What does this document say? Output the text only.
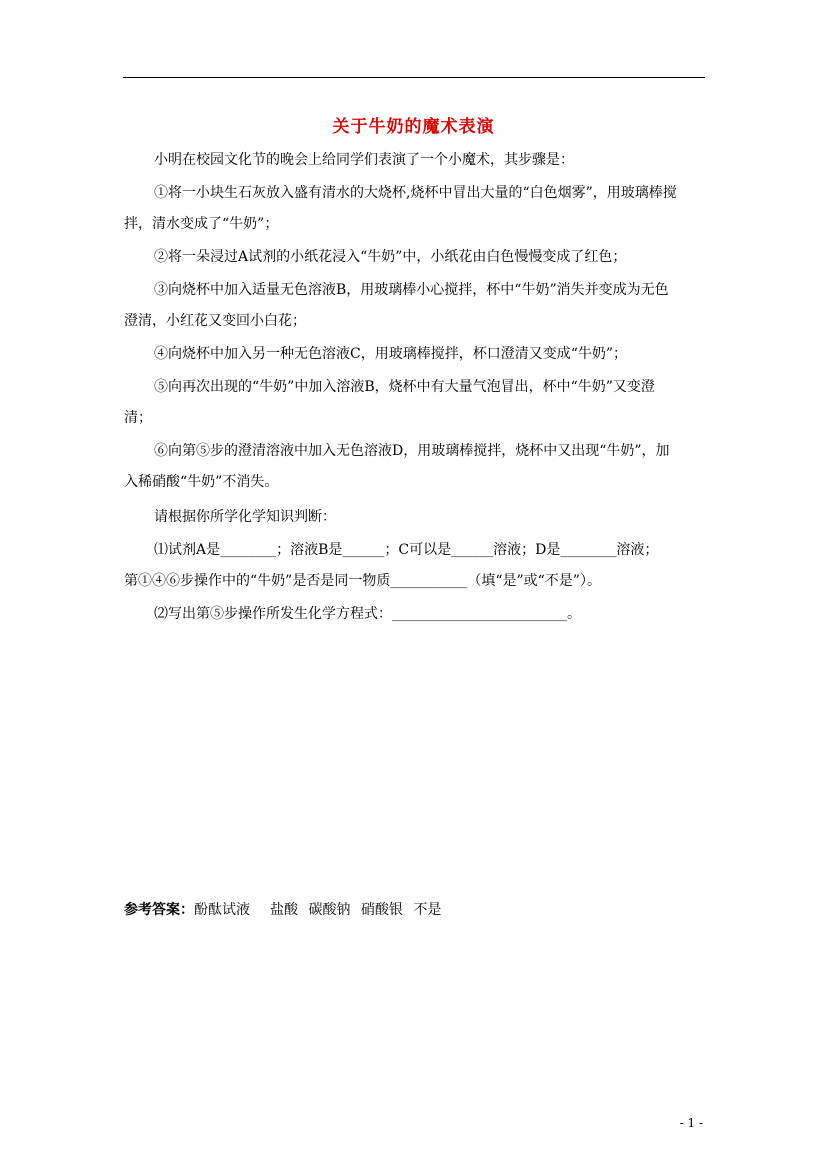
关于牛奶的魔术表演
小明在校园文化节的晚会上给同学们表演了一个小魔术，其步骤是：
①将一小块生石灰放入盛有清水的大烧杯,烧杯中冒出大量的“白色烟雾”，用玻璃棒搅
拌，清水变成了“牛奶”；
②将一朵浸过A试剂的小纸花浸入“牛奶”中，小纸花由白色慢慢变成了红色；
③向烧杯中加入适量无色溶液B，用玻璃棒小心搅拌，杯中“牛奶”消失并变成为无色
澄清，小红花又变回小白花；
④向烧杯中加入另一种无色溶液C，用玻璃棒搅拌，杯口澄清又变成“牛奶”；
⑤向再次出现的“牛奶”中加入溶液B，烧杯中有大量气泡冒出，杯中“牛奶”又变澄
清；
⑥向第⑤步的澄清溶液中加入无色溶液D，用玻璃棒搅拌，烧杯中又出现“牛奶”，加
入稀硝酸“牛奶”不消失。
请根据你所学化学知识判断：
⑴试剂A是________；溶液B是______；C可以是______溶液；D是________溶液；
第①④⑥步操作中的“牛奶”是否是同一物质___________（填“是”或“不是”）。
⑵写出第⑤步操作所发生化学方程式：_________________________。
参考答案：酚酞试液 盐酸 碳酸钠 硝酸银 不是
- 1 -
